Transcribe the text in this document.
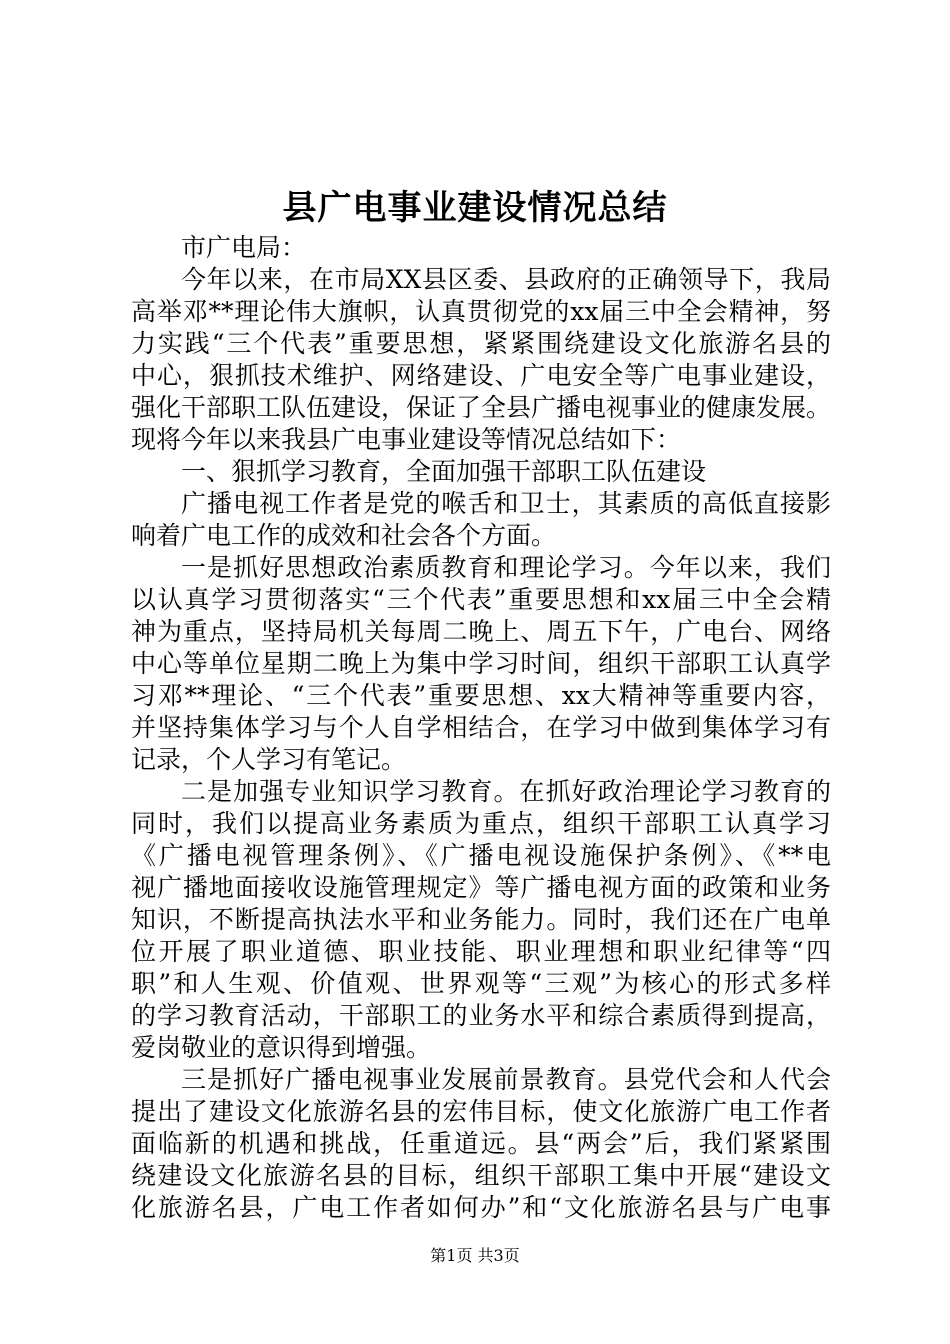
县广电事业建设情况总结
市广电局：
今年以来，在市局XX县区委、县政府的正确领导下，我局
高举邓**理论伟大旗帜，认真贯彻党的xx届三中全会精神，努
力实践“三个代表”重要思想，紧紧围绕建设文化旅游名县的
中心，狠抓技术维护、网络建设、广电安全等广电事业建设，
强化干部职工队伍建设，保证了全县广播电视事业的健康发展。
现将今年以来我县广电事业建设等情况总结如下：
一、狠抓学习教育，全面加强干部职工队伍建设
广播电视工作者是党的喉舌和卫士，其素质的高低直接影
响着广电工作的成效和社会各个方面。
一是抓好思想政治素质教育和理论学习。今年以来，我们
以认真学习贯彻落实“三个代表”重要思想和xx届三中全会精
神为重点，坚持局机关每周二晚上、周五下午，广电台、网络
中心等单位星期二晚上为集中学习时间，组织干部职工认真学
习邓**理论、“三个代表”重要思想、xx大精神等重要内容，
并坚持集体学习与个人自学相结合，在学习中做到集体学习有
记录，个人学习有笔记。
二是加强专业知识学习教育。在抓好政治理论学习教育的
同时，我们以提高业务素质为重点，组织干部职工认真学习
《广播电视管理条例》、《广播电视设施保护条例》、《**电
视广播地面接收设施管理规定》等广播电视方面的政策和业务
知识，不断提高执法水平和业务能力。同时，我们还在广电单
位开展了职业道德、职业技能、职业理想和职业纪律等“四
职”和人生观、价值观、世界观等“三观”为核心的形式多样
的学习教育活动，干部职工的业务水平和综合素质得到提高，
爱岗敬业的意识得到增强。
三是抓好广播电视事业发展前景教育。县党代会和人代会
提出了建设文化旅游名县的宏伟目标，使文化旅游广电工作者
面临新的机遇和挑战，任重道远。县“两会”后，我们紧紧围
绕建设文化旅游名县的目标，组织干部职工集中开展“建设文
化旅游名县，广电工作者如何办”和“文化旅游名县与广电事
第1页 共3页
